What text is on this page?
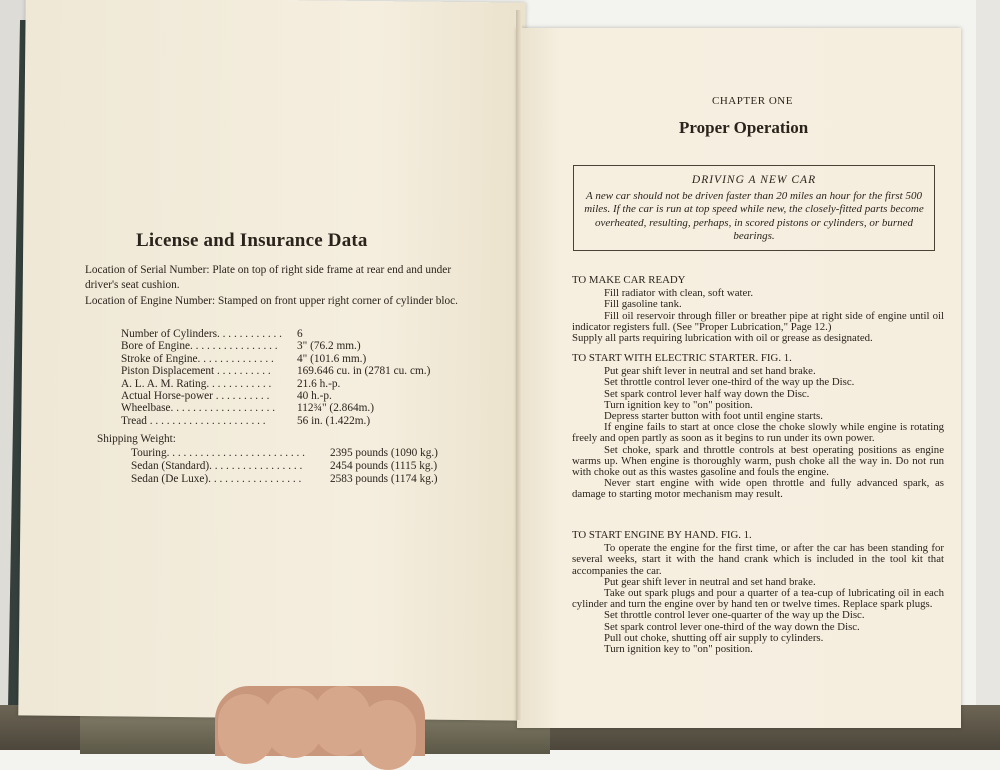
License and Insurance Data

Location of Serial Number: Plate on top of right side frame at rear end and under driver's seat cushion.

Location of Engine Number: Stamped on front upper right corner of cylinder bloc.

Number of Cylinders. . . . . . . . . . . .	6
Bore of Engine. . . . . . . . . . . . . . . .	3" (76.2 mm.)
Stroke of Engine. . . . . . . . . . . . . .	4" (101.6 mm.)
Piston Displacement . . . . . . . . . .	169.646 cu. in (2781 cu. cm.)
A. L. A. M. Rating. . . . . . . . . . . .	21.6 h.-p.
Actual Horse-power . . . . . . . . . .	40 h.-p.
Wheelbase. . . . . . . . . . . . . . . . . . .	112¾" (2.864m.)
Tread . . . . . . . . . . . . . . . . . . . . .	56 in. (1.422m.)
Shipping Weight:
Touring. . . . . . . . . . . . . . . . . . . . . . . . .	2395 pounds (1090 kg.)
Sedan (Standard). . . . . . . . . . . . . . . . .	2454 pounds (1115 kg.)
Sedan (De Luxe). . . . . . . . . . . . . . . . .	2583 pounds (1174 kg.)
CHAPTER ONE
Proper Operation
DRIVING A NEW CAR
A new car should not be driven faster than 20 miles an hour for the first 500 miles. If the car is run at top speed while new, the closely-fitted parts become overheated, resulting, perhaps, in scored pistons or cylinders, or burned bearings.
TO MAKE CAR READY

Fill radiator with clean, soft water.

Fill gasoline tank.

Fill oil reservoir through filler or breather pipe at right side of engine until oil indicator registers full. (See "Proper Lubrication," Page 12.)

Supply all parts requiring lubrication with oil or grease as designated.

TO START WITH ELECTRIC STARTER. FIG. 1.

Put gear shift lever in neutral and set hand brake.

Set throttle control lever one-third of the way up the Disc.

Set spark control lever half way down the Disc.

Turn ignition key to "on" position.

Depress starter button with foot until engine starts.

If engine fails to start at once close the choke slowly while engine is rotating freely and open partly as soon as it begins to run under its own power.

Set choke, spark and throttle controls at best operating positions as engine warms up. When engine is thoroughly warm, push choke all the way in. Do not run with choke out as this wastes gasoline and fouls the engine.

Never start engine with wide open throttle and fully advanced spark, as damage to starting motor mechanism may result.

TO START ENGINE BY HAND. FIG. 1.

To operate the engine for the first time, or after the car has been standing for several weeks, start it with the hand crank which is included in the tool kit that accompanies the car.

Put gear shift lever in neutral and set hand brake.

Take out spark plugs and pour a quarter of a tea-cup of lubricating oil in each cylinder and turn the engine over by hand ten or twelve times. Replace spark plugs.

Set throttle control lever one-quarter of the way up the Disc.

Set spark control lever one-third of the way down the Disc.

Pull out choke, shutting off air supply to cylinders.

Turn ignition key to "on" position.
